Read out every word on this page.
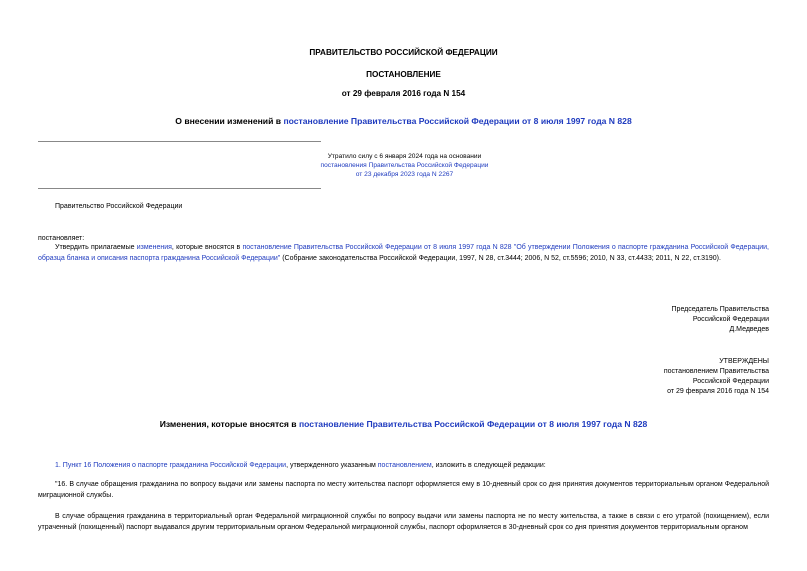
ПРАВИТЕЛЬСТВО РОССИЙСКОЙ ФЕДЕРАЦИИ
ПОСТАНОВЛЕНИЕ
от 29 февраля 2016 года N 154
О внесении изменений в постановление Правительства Российской Федерации от 8 июля 1997 года N 828
Утратило силу с 6 января 2024 года на основании
постановления Правительства Российской Федерации
от 23 декабря 2023 года N 2267
Правительство Российской Федерации
постановляет:
Утвердить прилагаемые изменения, которые вносятся в постановление Правительства Российской Федерации от 8 июля 1997 года N 828 "Об утверждении Положения о паспорте гражданина Российской Федерации, образца бланка и описания паспорта гражданина Российской Федерации" (Собрание законодательства Российской Федерации, 1997, N 28, ст.3444; 2006, N 52, ст.5596; 2010, N 33, ст.4433; 2011, N 22, ст.3190).
Председатель Правительства
Российской Федерации
Д.Медведев
УТВЕРЖДЕНЫ
постановлением Правительства
Российской Федерации
от 29 февраля 2016 года N 154
Изменения, которые вносятся в постановление Правительства Российской Федерации от 8 июля 1997 года N 828
1. Пункт 16 Положения о паспорте гражданина Российской Федерации, утвержденного указанным постановлением, изложить в следующей редакции:
"16. В случае обращения гражданина по вопросу выдачи или замены паспорта по месту жительства паспорт оформляется ему в 10-дневный срок со дня принятия документов территориальным органом Федеральной миграционной службы.
В случае обращения гражданина в территориальный орган Федеральной миграционной службы по вопросу выдачи или замены паспорта не по месту жительства, а также в связи с его утратой (похищением), если утраченный (похищенный) паспорт выдавался другим территориальным органом Федеральной миграционной службы, паспорт оформляется в 30-дневный срок со дня принятия документов территориальным органом
